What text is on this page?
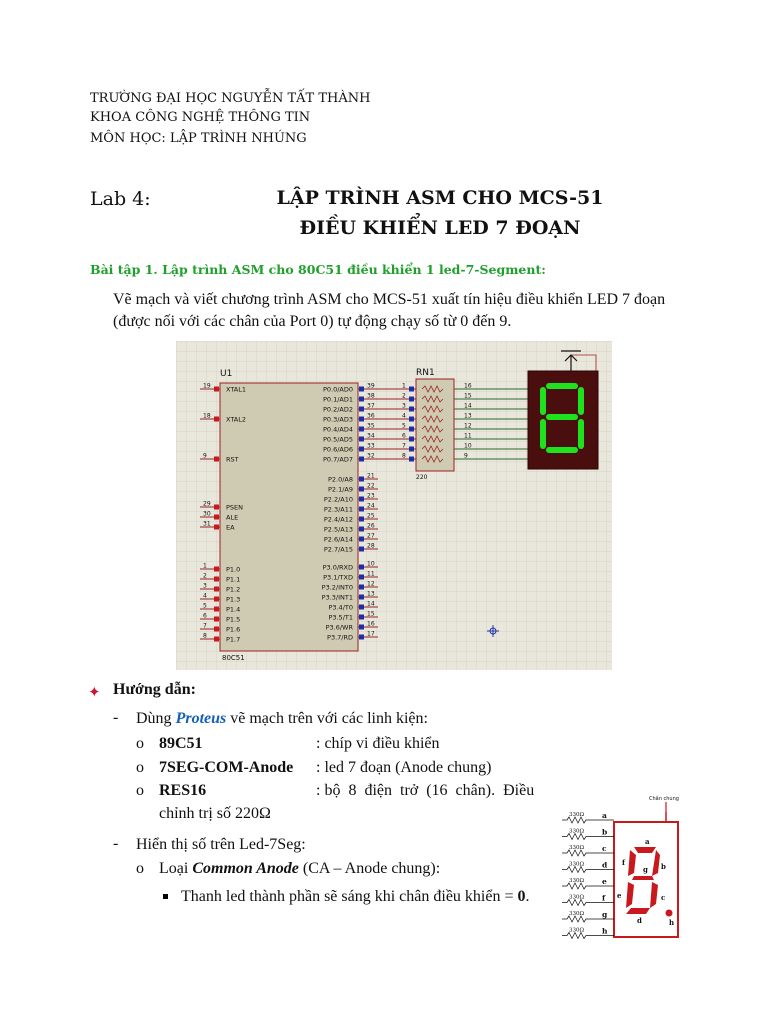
TRƯỜNG ĐẠI HỌC NGUYỄN TẤT THÀNH
KHOA CÔNG NGHỆ THÔNG TIN
MÔN HỌC: LẬP TRÌNH NHÚNG
Lab 4:	LẬP TRÌNH ASM CHO MCS-51
ĐIỀU KHIỂN LED 7 ĐOẠN
Bài tập 1. Lập trình ASM cho 80C51 điều khiển 1 led-7-Segment:
Vẽ mạch và viết chương trình ASM cho MCS-51 xuất tín hiệu điều khiển LED 7 đoạn
(được nối với các chân của Port 0) tự động chạy số từ 0 đến 9.
U1
80C51
19 XTAL1
18 XTAL2
9	RST
29 PSEN
30 ALE
31 EA
1	P1.0
2	P1.1
3	P1.2
4	P1.3
5	P1.4
6	P1.5
7	P1.6
8	P1.7
39
P0.0/AD0
38
P0.1/AD1
37
P0.2/AD2
36
P0.3/AD3
35
P0.4/AD4
34
P0.5/AD5
33
P0.6/AD6
32
P0.7/AD7
21
P2.0/A8
22
P2.1/A9
23
P2.2/A10
24
P2.3/A11
25
P2.4/A12
26
P2.5/A13
27
P2.6/A14
28
P2.7/A15
10
P3.0/RXD
11
P3.1/TXD
12
P3.2/INT0
13
P3.3/INT1
14
P3.4/T0
15
P3.5/T1
16
P3.6/WR
17
P3.7/RD
RN1
220
1	16
2	15
3	14
4	13
5	12
6	11
7	10
8	9
✦ Hướng dẫn:
- Dùng Proteus vẽ mạch trên với các linh kiện:
o 89C51	: chíp vi điều khiển
o 7SEG-COM-Anode : led 7 đoạn (Anode chung)
o RES16	: bộ  8  điện  trở  (16  chân).  Điều
chỉnh trị số 220Ω
- Hiển thị số trên Led-7Seg:
o Loại Common Anode (CA – Anode chung):
Thanh led thành phần sẽ sáng khi chân điều khiển = 0.
Chân chung
330Ω a
330Ω b
330Ω c
330Ω d
330Ω e
330Ω f
330Ω g
330Ω h
a
b
c
d
e
f
g
h
